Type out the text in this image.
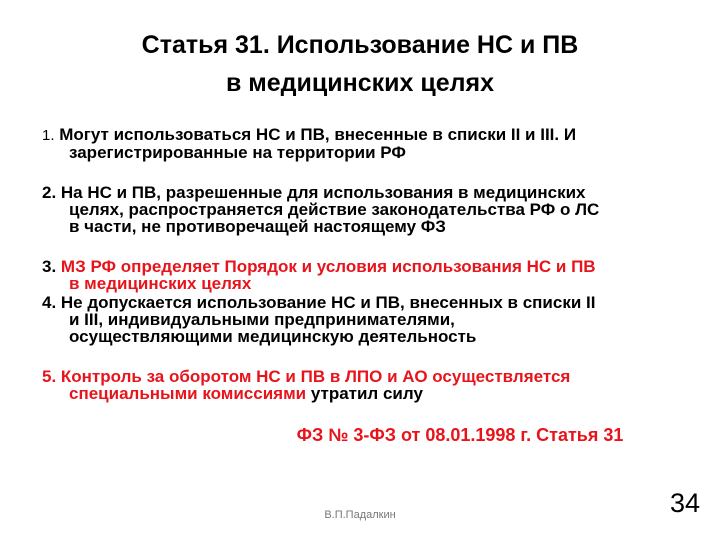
Статья 31. Использование НС и ПВ
в медицинских целях
1. Могут использоваться НС и ПВ, внесенные в списки II и III. И
зарегистрированные на территории РФ
2. На НС и ПВ, разрешенные для использования в медицинских
целях, распространяется действие законодательства РФ о ЛС
в части, не противоречащей настоящему ФЗ
3. МЗ РФ определяет Порядок и условия использования НС и ПВ
в медицинских целях
4. Не допускается использование НС и ПВ, внесенных в списки II
и III, индивидуальными предпринимателями,
осуществляющими медицинскую деятельность
5. Контроль за оборотом НС и ПВ в ЛПО и АО осуществляется
специальными комиссиями утратил силу
ФЗ № 3-ФЗ от 08.01.1998 г. Статья 31
В.П.Падалкин	34
